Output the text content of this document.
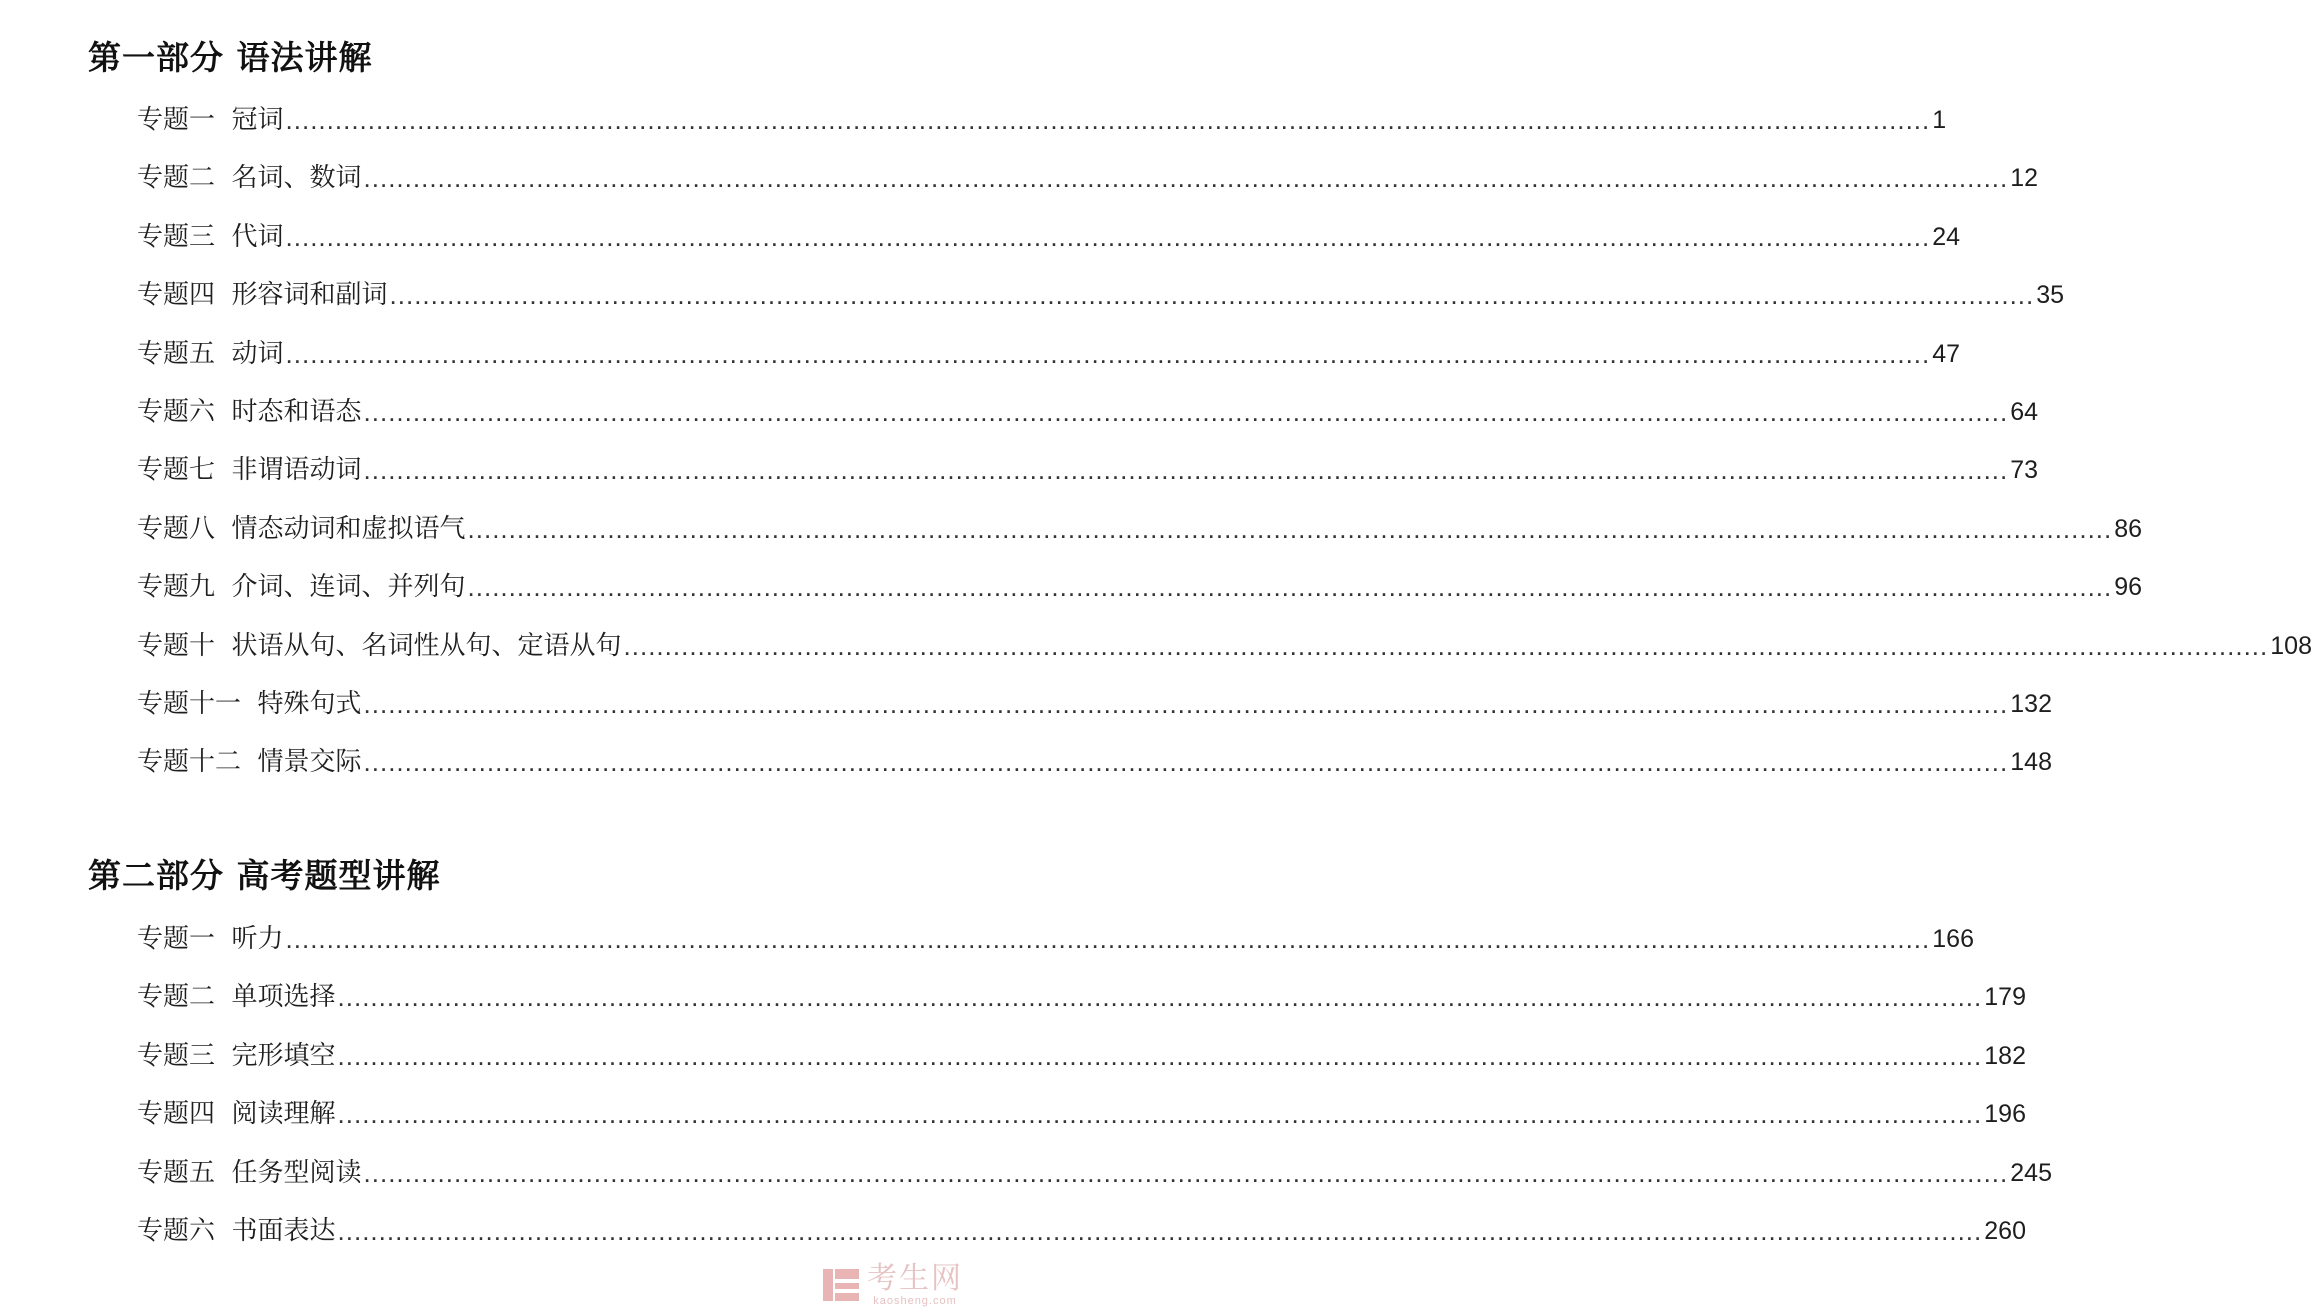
第一部分 语法讲解
第二部分 高考题型讲解
专题一  冠词 ........................................................................................................................................................................................................ 1
专题二  名词、数词 ........................................................................................................................................................................................................ 12
专题三  代词 ........................................................................................................................................................................................................ 24
专题四  形容词和副词 ........................................................................................................................................................................................................ 35
专题五  动词 ........................................................................................................................................................................................................ 47
专题六  时态和语态 ........................................................................................................................................................................................................ 64
专题七  非谓语动词 ........................................................................................................................................................................................................ 73
专题八  情态动词和虚拟语气 ........................................................................................................................................................................................................ 86
专题九  介词、连词、并列句 ........................................................................................................................................................................................................ 96
专题十  状语从句、名词性从句、定语从句 ........................................................................................................................................................................................................ 108
专题十一  特殊句式 ........................................................................................................................................................................................................ 132
专题十二  情景交际 ........................................................................................................................................................................................................ 148
专题一  听力 ........................................................................................................................................................................................................ 166
专题二  单项选择 ........................................................................................................................................................................................................ 179
专题三  完形填空 ........................................................................................................................................................................................................ 182
专题四  阅读理解 ........................................................................................................................................................................................................ 196
专题五  任务型阅读 ........................................................................................................................................................................................................ 245
专题六  书面表达 ........................................................................................................................................................................................................ 260
考生网
kaosheng.com
